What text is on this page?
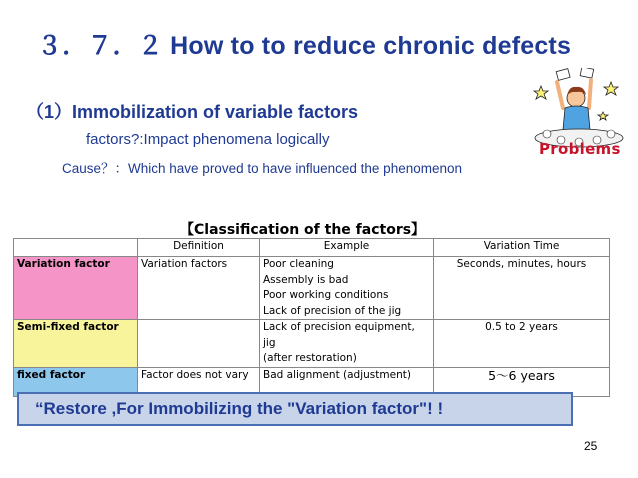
３．７．２ How to to reduce chronic defects
（1）Immobilization of variable factors
factors?:Impact phenomena logically
Cause？：Which have proved to have influenced the phenomenon
Problems
【Classification of the factors】
	Definition	Example	Variation Time
Variation factor	Variation factors	Poor cleaning
Assembly is bad
Poor working conditions
Lack of precision of the jig	Seconds, minutes, hours
Semi-fixed factor		Lack of precision equipment, jig
(after restoration)	0.5 to 2 years
fixed factor	Factor does not vary	Bad alignment (adjustment)	5〜6 years
“Restore ,For Immobilizing the "Variation factor"! !
25
